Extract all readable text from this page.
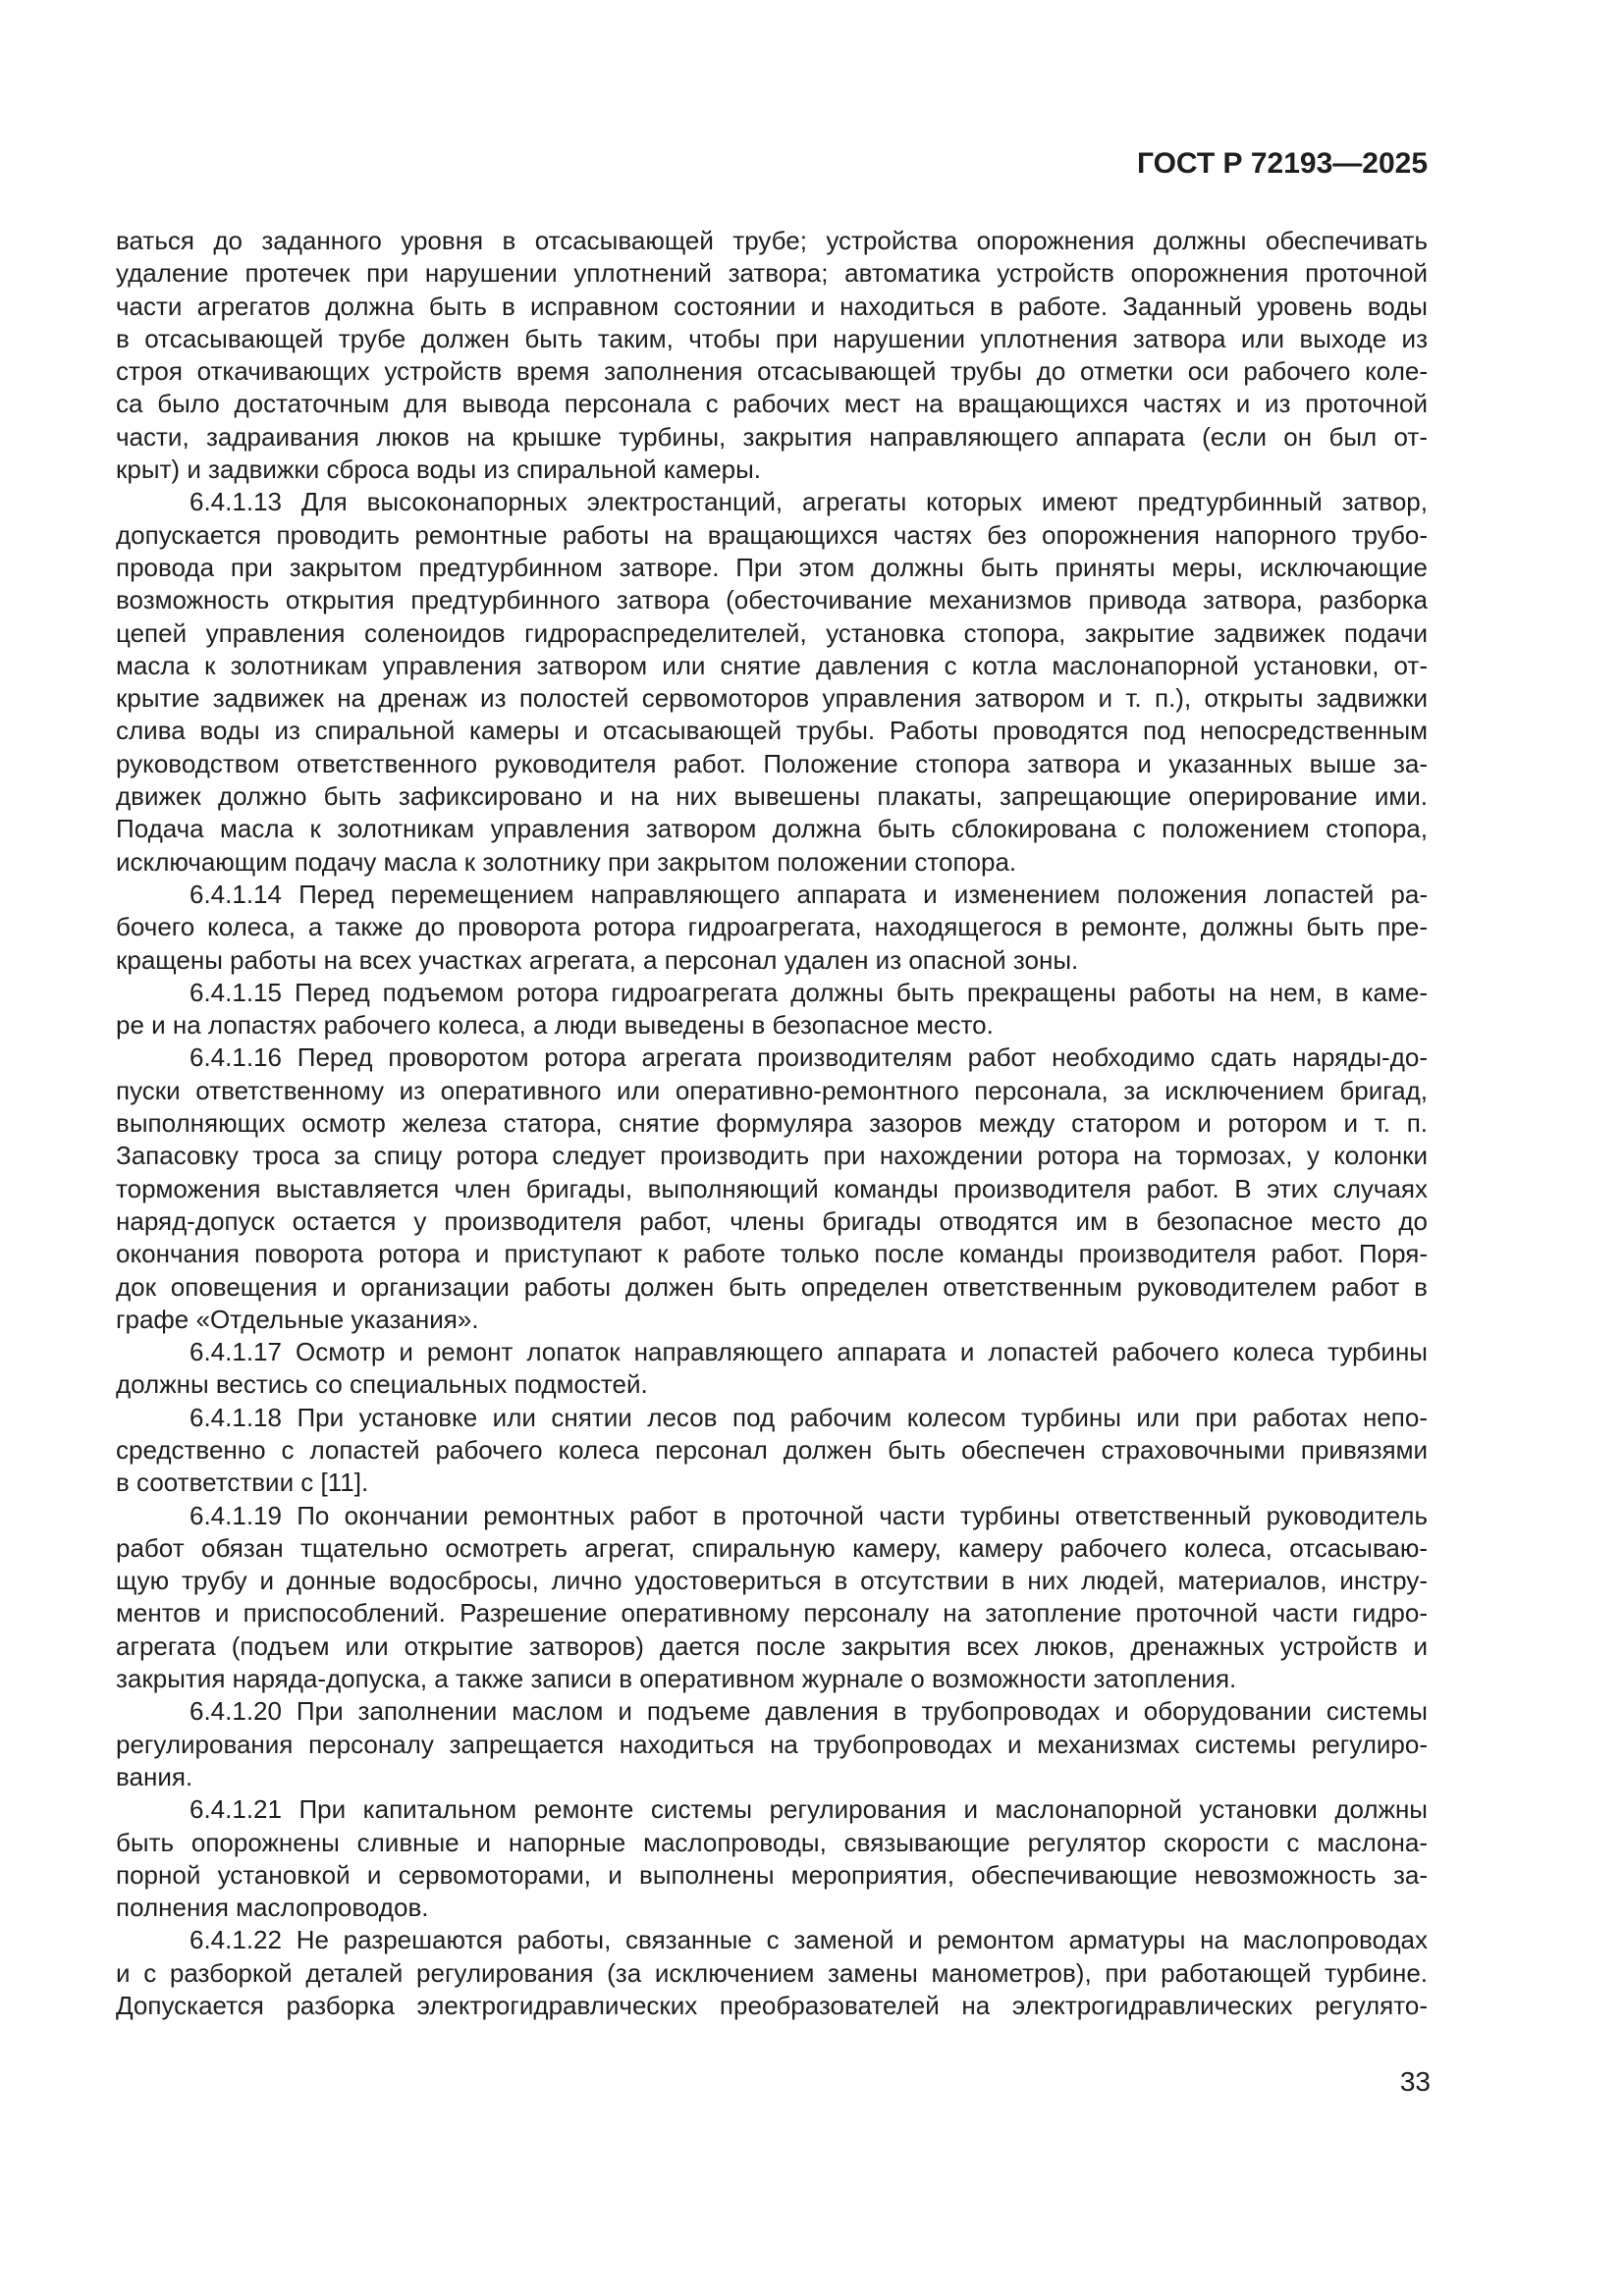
ГОСТ Р 72193—2025
ваться до заданного уровня в отсасывающей трубе; устройства опорожнения должны обеспечивать
удаление протечек при нарушении уплотнений затвора; автоматика устройств опорожнения проточной
части агрегатов должна быть в исправном состоянии и находиться в работе. Заданный уровень воды
в отсасывающей трубе должен быть таким, чтобы при нарушении уплотнения затвора или выходе из
строя откачивающих устройств время заполнения отсасывающей трубы до отметки оси рабочего коле-
са было достаточным для вывода персонала с рабочих мест на вращающихся частях и из проточной
части, задраивания люков на крышке турбины, закрытия направляющего аппарата (если он был от-
крыт) и задвижки сброса воды из спиральной камеры.
6.4.1.13 Для высоконапорных электростанций, агрегаты которых имеют предтурбинный затвор,
допускается проводить ремонтные работы на вращающихся частях без опорожнения напорного трубо-
провода при закрытом предтурбинном затворе. При этом должны быть приняты меры, исключающие
возможность открытия предтурбинного затвора (обесточивание механизмов привода затвора, разборка
цепей управления соленоидов гидрораспределителей, установка стопора, закрытие задвижек подачи
масла к золотникам управления затвором или снятие давления с котла маслонапорной установки, от-
крытие задвижек на дренаж из полостей сервомоторов управления затвором и т. п.), открыты задвижки
слива воды из спиральной камеры и отсасывающей трубы. Работы проводятся под непосредственным
руководством ответственного руководителя работ. Положение стопора затвора и указанных выше за-
движек должно быть зафиксировано и на них вывешены плакаты, запрещающие оперирование ими.
Подача масла к золотникам управления затвором должна быть сблокирована с положением стопора,
исключающим подачу масла к золотнику при закрытом положении стопора.
6.4.1.14 Перед перемещением направляющего аппарата и изменением положения лопастей ра-
бочего колеса, а также до проворота ротора гидроагрегата, находящегося в ремонте, должны быть пре-
кращены работы на всех участках агрегата, а персонал удален из опасной зоны.
6.4.1.15 Перед подъемом ротора гидроагрегата должны быть прекращены работы на нем, в каме-
ре и на лопастях рабочего колеса, а люди выведены в безопасное место.
6.4.1.16 Перед проворотом ротора агрегата производителям работ необходимо сдать наряды-до-
пуски ответственному из оперативного или оперативно-ремонтного персонала, за исключением бригад,
выполняющих осмотр железа статора, снятие формуляра зазоров между статором и ротором и т. п.
Запасовку троса за спицу ротора следует производить при нахождении ротора на тормозах, у колонки
торможения выставляется член бригады, выполняющий команды производителя работ. В этих случаях
наряд-допуск остается у производителя работ, члены бригады отводятся им в безопасное место до
окончания поворота ротора и приступают к работе только после команды производителя работ. Поря-
док оповещения и организации работы должен быть определен ответственным руководителем работ в
графе «Отдельные указания».
6.4.1.17 Осмотр и ремонт лопаток направляющего аппарата и лопастей рабочего колеса турбины
должны вестись со специальных подмостей.
6.4.1.18 При установке или снятии лесов под рабочим колесом турбины или при работах непо-
средственно с лопастей рабочего колеса персонал должен быть обеспечен страховочными привязями
в соответствии с [11].
6.4.1.19 По окончании ремонтных работ в проточной части турбины ответственный руководитель
работ обязан тщательно осмотреть агрегат, спиральную камеру, камеру рабочего колеса, отсасываю-
щую трубу и донные водосбросы, лично удостовериться в отсутствии в них людей, материалов, инстру-
ментов и приспособлений. Разрешение оперативному персоналу на затопление проточной части гидро-
агрегата (подъем или открытие затворов) дается после закрытия всех люков, дренажных устройств и
закрытия наряда-допуска, а также записи в оперативном журнале о возможности затопления.
6.4.1.20 При заполнении маслом и подъеме давления в трубопроводах и оборудовании системы
регулирования персоналу запрещается находиться на трубопроводах и механизмах системы регулиро-
вания.
6.4.1.21 При капитальном ремонте системы регулирования и маслонапорной установки должны
быть опорожнены сливные и напорные маслопроводы, связывающие регулятор скорости с маслона-
порной установкой и сервомоторами, и выполнены мероприятия, обеспечивающие невозможность за-
полнения маслопроводов.
6.4.1.22 Не разрешаются работы, связанные с заменой и ремонтом арматуры на маслопроводах
и с разборкой деталей регулирования (за исключением замены манометров), при работающей турбине.
Допускается разборка электрогидравлических преобразователей на электрогидравлических регулято-
33
